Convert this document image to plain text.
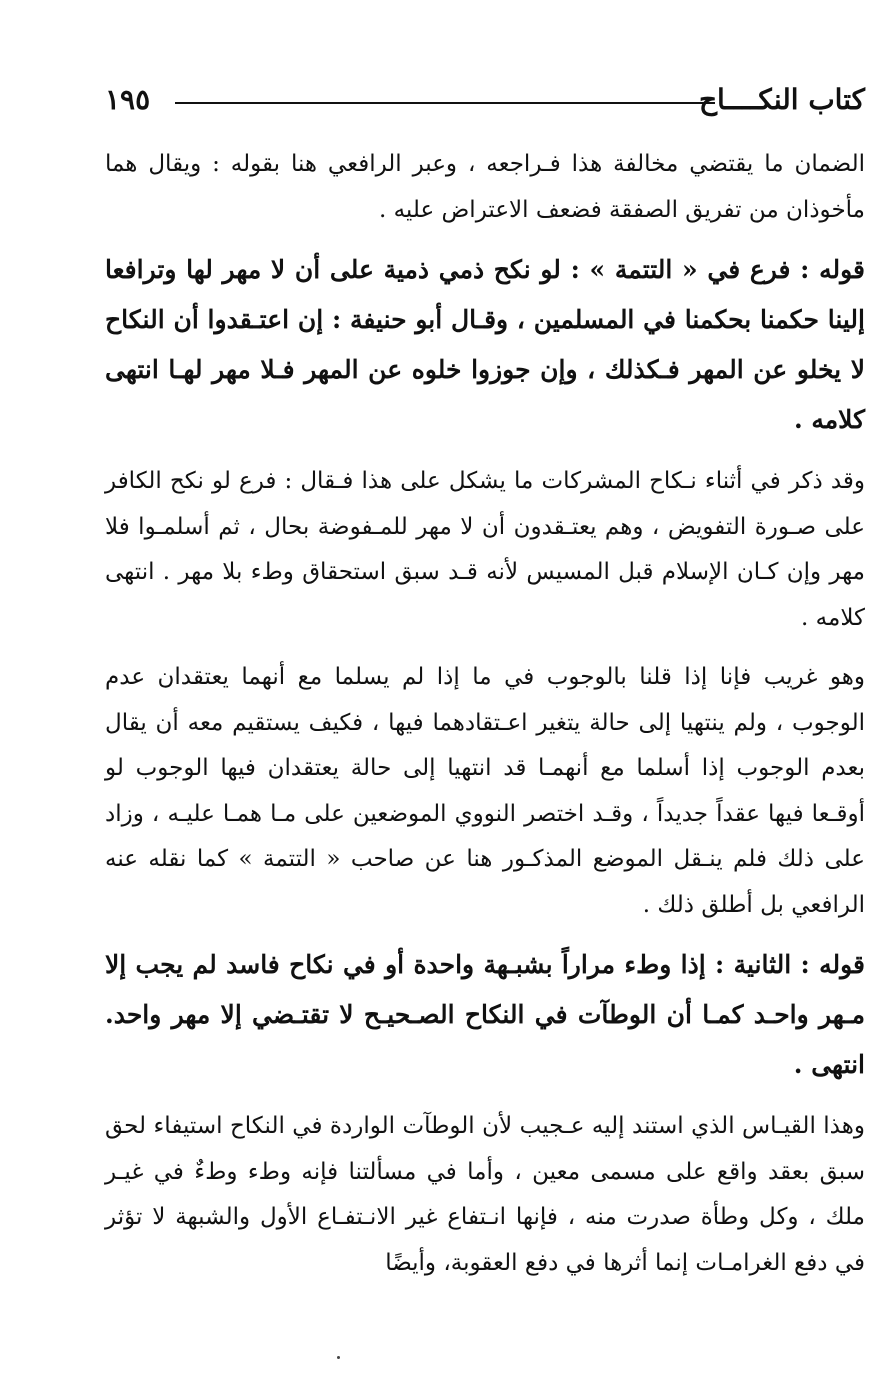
كتاب النكــــاح
١٩٥

الضمان ما يقتضي مخالفة هذا فـراجعه ، وعبر الرافعي هنا بقوله : ويقال هما مأخوذان من تفريق الصفقة فضعف الاعتراض عليه .

قوله : فرع في « التتمة » : لو نكح ذمي ذمية على أن لا مهر لها وترافعا إلينا حكمنا بحكمنا في المسلمين ، وقـال أبو حنيفة : إن اعتـقدوا أن النكاح لا يخلو عن المهر فـكذلك ، وإن جوزوا خلوه عن المهر فـلا مهر لهـا انتهى كلامه .

وقد ذكر في أثناء نـكاح المشركات ما يشكل على هذا فـقال : فرع لو نكح الكافر على صـورة التفويض ، وهم يعتـقدون أن لا مهر للمـفوضة بحال ، ثم أسلمـوا فلا مهر وإن كـان الإسلام قبل المسيس لأنه قـد سبق استحقاق وطء بلا مهر . انتهى كلامه .

وهو غريب فإنا إذا قلنا بالوجوب في ما إذا لم يسلما مع أنهما يعتقدان عدم الوجوب ، ولم ينتهيا إلى حالة يتغير اعـتقادهما فيها ، فكيف يستقيم معه أن يقال بعدم الوجوب إذا أسلما مع أنهمـا قد انتهيا إلى حالة يعتقدان فيها الوجوب لو أوقـعا فيها عقداً جديداً ، وقـد اختصر النووي الموضعين على مـا همـا عليـه ، وزاد على ذلك فلم ينـقل الموضع المذكـور هنا عن صاحب « التتمة » كما نقله عنه الرافعي بل أطلق ذلك .

قوله : الثانية : إذا وطء مراراً بشبـهة واحدة أو في نكاح فاسد لم يجب إلا مـهر واحـد كمـا أن الوطآت في النكاح الصـحيـح لا تقتـضي إلا مهر واحد. انتهى .

وهذا القيـاس الذي استند إليه عـجيب لأن الوطآت الواردة في النكاح استيفاء لحق سبق بعقد واقع على مسمى معين ، وأما في مسألتنا فإنه وطء وطءٌ في غيـر ملك ، وكل وطأة صدرت منه ، فإنها انـتفاع غير الانـتفـاع الأول والشبهة لا تؤثر في دفع الغرامـات إنما أثرها في دفع العقوبة، وأيضًا
